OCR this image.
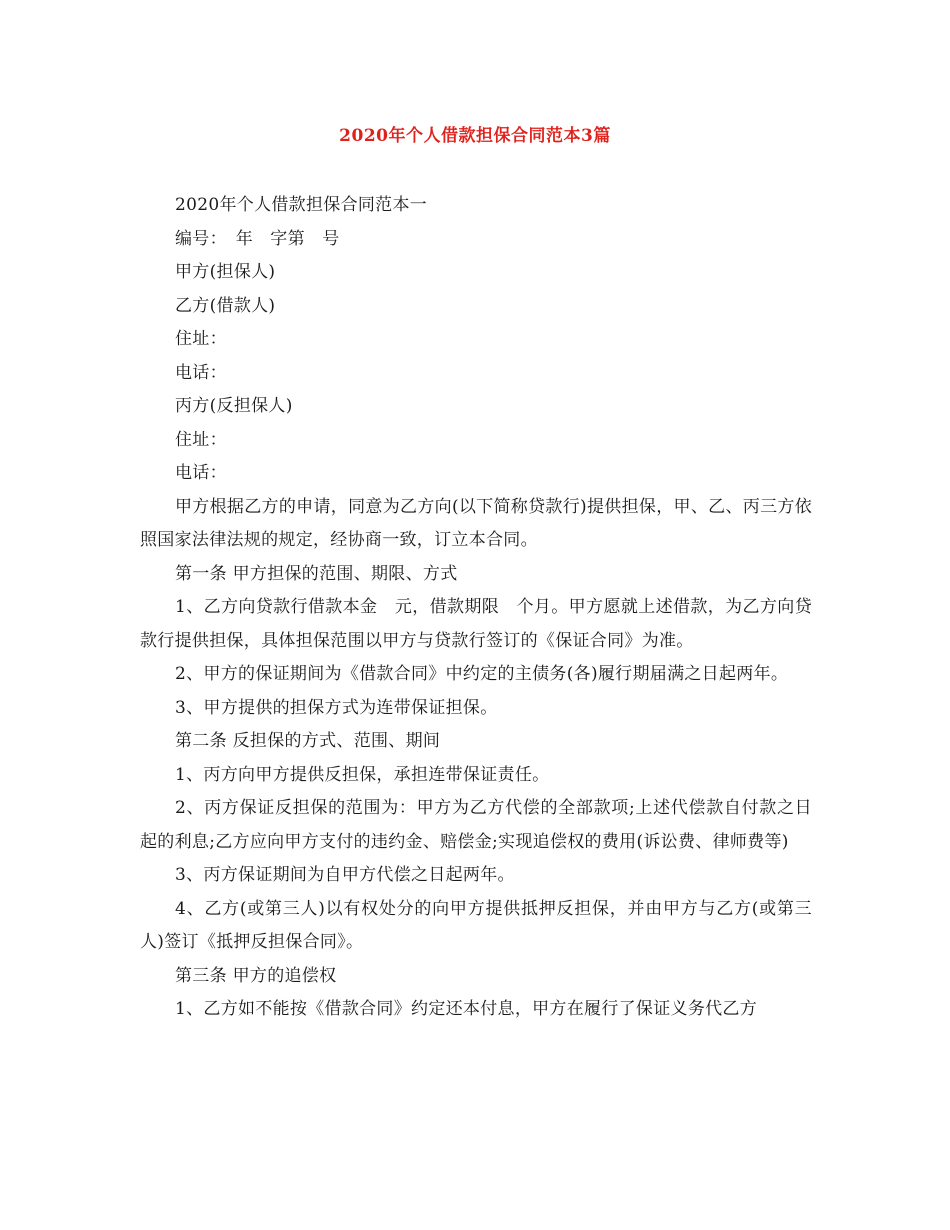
2020年个人借款担保合同范本3篇

2020年个人借款担保合同范本一

编号：　年　字第　号

甲方(担保人)

乙方(借款人)

住址：

电话：

丙方(反担保人)

住址：

电话：

甲方根据乙方的申请，同意为乙方向(以下简称贷款行)提供担保，甲、乙、丙三方依照国家法律法规的规定，经协商一致，订立本合同。

第一条 甲方担保的范围、期限、方式

1、乙方向贷款行借款本金　元，借款期限　个月。甲方愿就上述借款，为乙方向贷款行提供担保，具体担保范围以甲方与贷款行签订的《保证合同》为准。

2、甲方的保证期间为《借款合同》中约定的主债务(各)履行期届满之日起两年。

3、甲方提供的担保方式为连带保证担保。

第二条 反担保的方式、范围、期间

1、丙方向甲方提供反担保，承担连带保证责任。

2、丙方保证反担保的范围为：甲方为乙方代偿的全部款项;上述代偿款自付款之日起的利息;乙方应向甲方支付的违约金、赔偿金;实现追偿权的费用(诉讼费、律师费等)

3、丙方保证期间为自甲方代偿之日起两年。

4、乙方(或第三人)以有权处分的向甲方提供抵押反担保，并由甲方与乙方(或第三人)签订《抵押反担保合同》。

第三条 甲方的追偿权

1、乙方如不能按《借款合同》约定还本付息，甲方在履行了保证义务代乙方
